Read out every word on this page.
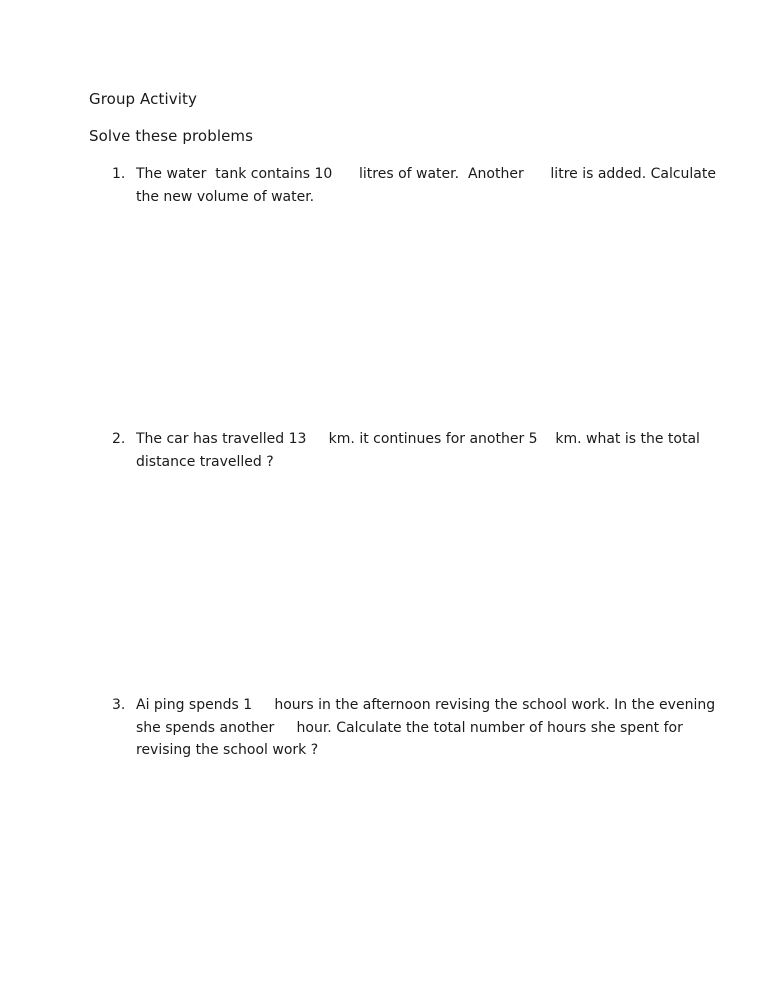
Group Activity

Solve these problems

1. The water  tank contains 10      litres of water.  Another      litre is added. Calculate
the new volume of water.
2. The car has travelled 13     km. it continues for another 5    km. what is the total
distance travelled ?
3. Ai ping spends 1     hours in the afternoon revising the school work. In the evening
she spends another     hour. Calculate the total number of hours she spent for
revising the school work ?
